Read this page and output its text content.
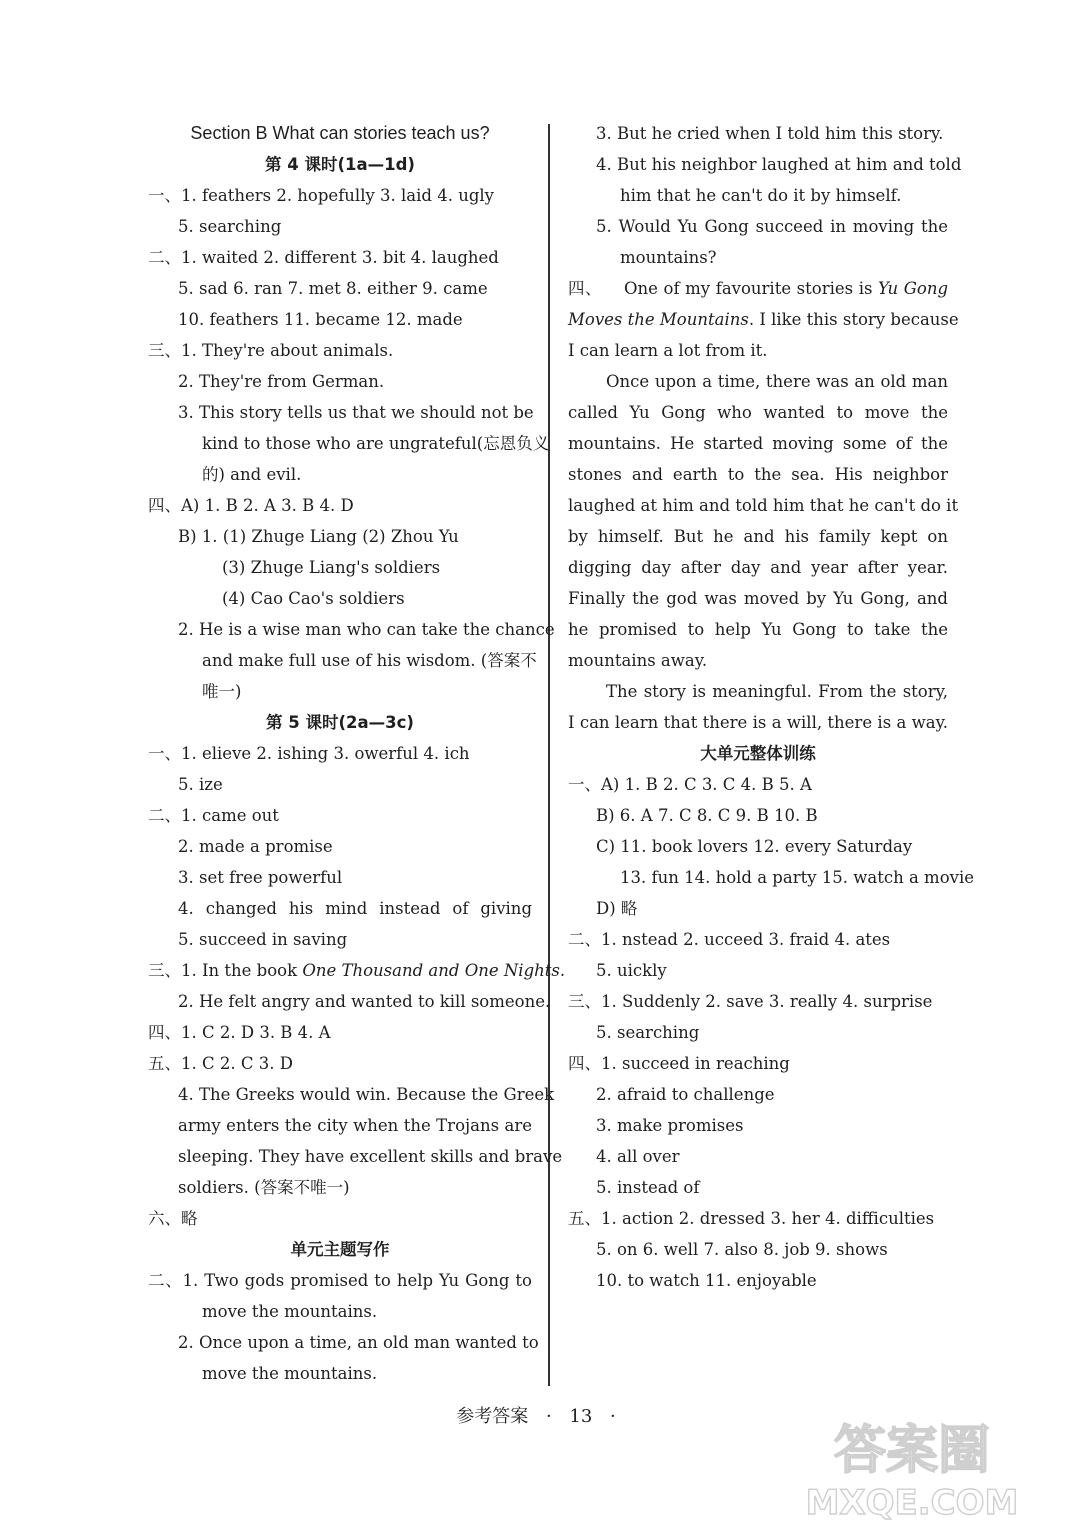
Section B What can stories teach us?
第 4 课时(1a—1d)
一、1. feathers 2. hopefully 3. laid 4. ugly
5. searching
二、1. waited 2. different 3. bit 4. laughed
5. sad 6. ran 7. met 8. either 9. came
10. feathers 11. became 12. made
三、1. They're about animals.
2. They're from German.
3. This story tells us that we should not be
kind to those who are ungrateful(忘恩负义
的) and evil.
四、A) 1. B 2. A 3. B 4. D
B) 1. (1) Zhuge Liang (2) Zhou Yu
(3) Zhuge Liang's soldiers
(4) Cao Cao's soldiers
2. He is a wise man who can take the chance
and make full use of his wisdom. (答案不
唯一)
第 5 课时(2a—3c)
一、1. elieve 2. ishing 3. owerful 4. ich
5. ize
二、1. came out
2. made a promise
3. set free powerful
4. changed his mind instead of giving
5. succeed in saving
三、1. In the book One Thousand and One Nights.
2. He felt angry and wanted to kill someone.
四、1. C 2. D 3. B 4. A
五、1. C 2. C 3. D
4. The Greeks would win. Because the Greek
army enters the city when the Trojans are
sleeping. They have excellent skills and brave
soldiers. (答案不唯一)
六、略
单元主题写作
二、1. Two gods promised to help Yu Gong to
move the mountains.
2. Once upon a time, an old man wanted to
move the mountains.
3. But he cried when I told him this story.
4. But his neighbor laughed at him and told
him that he can't do it by himself.
5. Would Yu Gong succeed in moving the
mountains?
四、 One of my favourite stories is Yu Gong
Moves the Mountains. I like this story because
I can learn a lot from it.
Once upon a time, there was an old man
called Yu Gong who wanted to move the
mountains. He started moving some of the
stones and earth to the sea. His neighbor
laughed at him and told him that he can't do it
by himself. But he and his family kept on
digging day after day and year after year.
Finally the god was moved by Yu Gong, and
he promised to help Yu Gong to take the
mountains away.
The story is meaningful. From the story,
I can learn that there is a will, there is a way.
大单元整体训练
一、A) 1. B 2. C 3. C 4. B 5. A
B) 6. A 7. C 8. C 9. B 10. B
C) 11. book lovers 12. every Saturday
13. fun 14. hold a party 15. watch a movie
D) 略
二、1. nstead 2. ucceed 3. fraid 4. ates
5. uickly
三、1. Suddenly 2. save 3. really 4. surprise
5. searching
四、1. succeed in reaching
2. afraid to challenge
3. make promises
4. all over
5. instead of
五、1. action 2. dressed 3. her 4. difficulties
5. on 6. well 7. also 8. job 9. shows
10. to watch 11. enjoyable
参考答案 · 13 ·
答案圈
MXQE.COM
